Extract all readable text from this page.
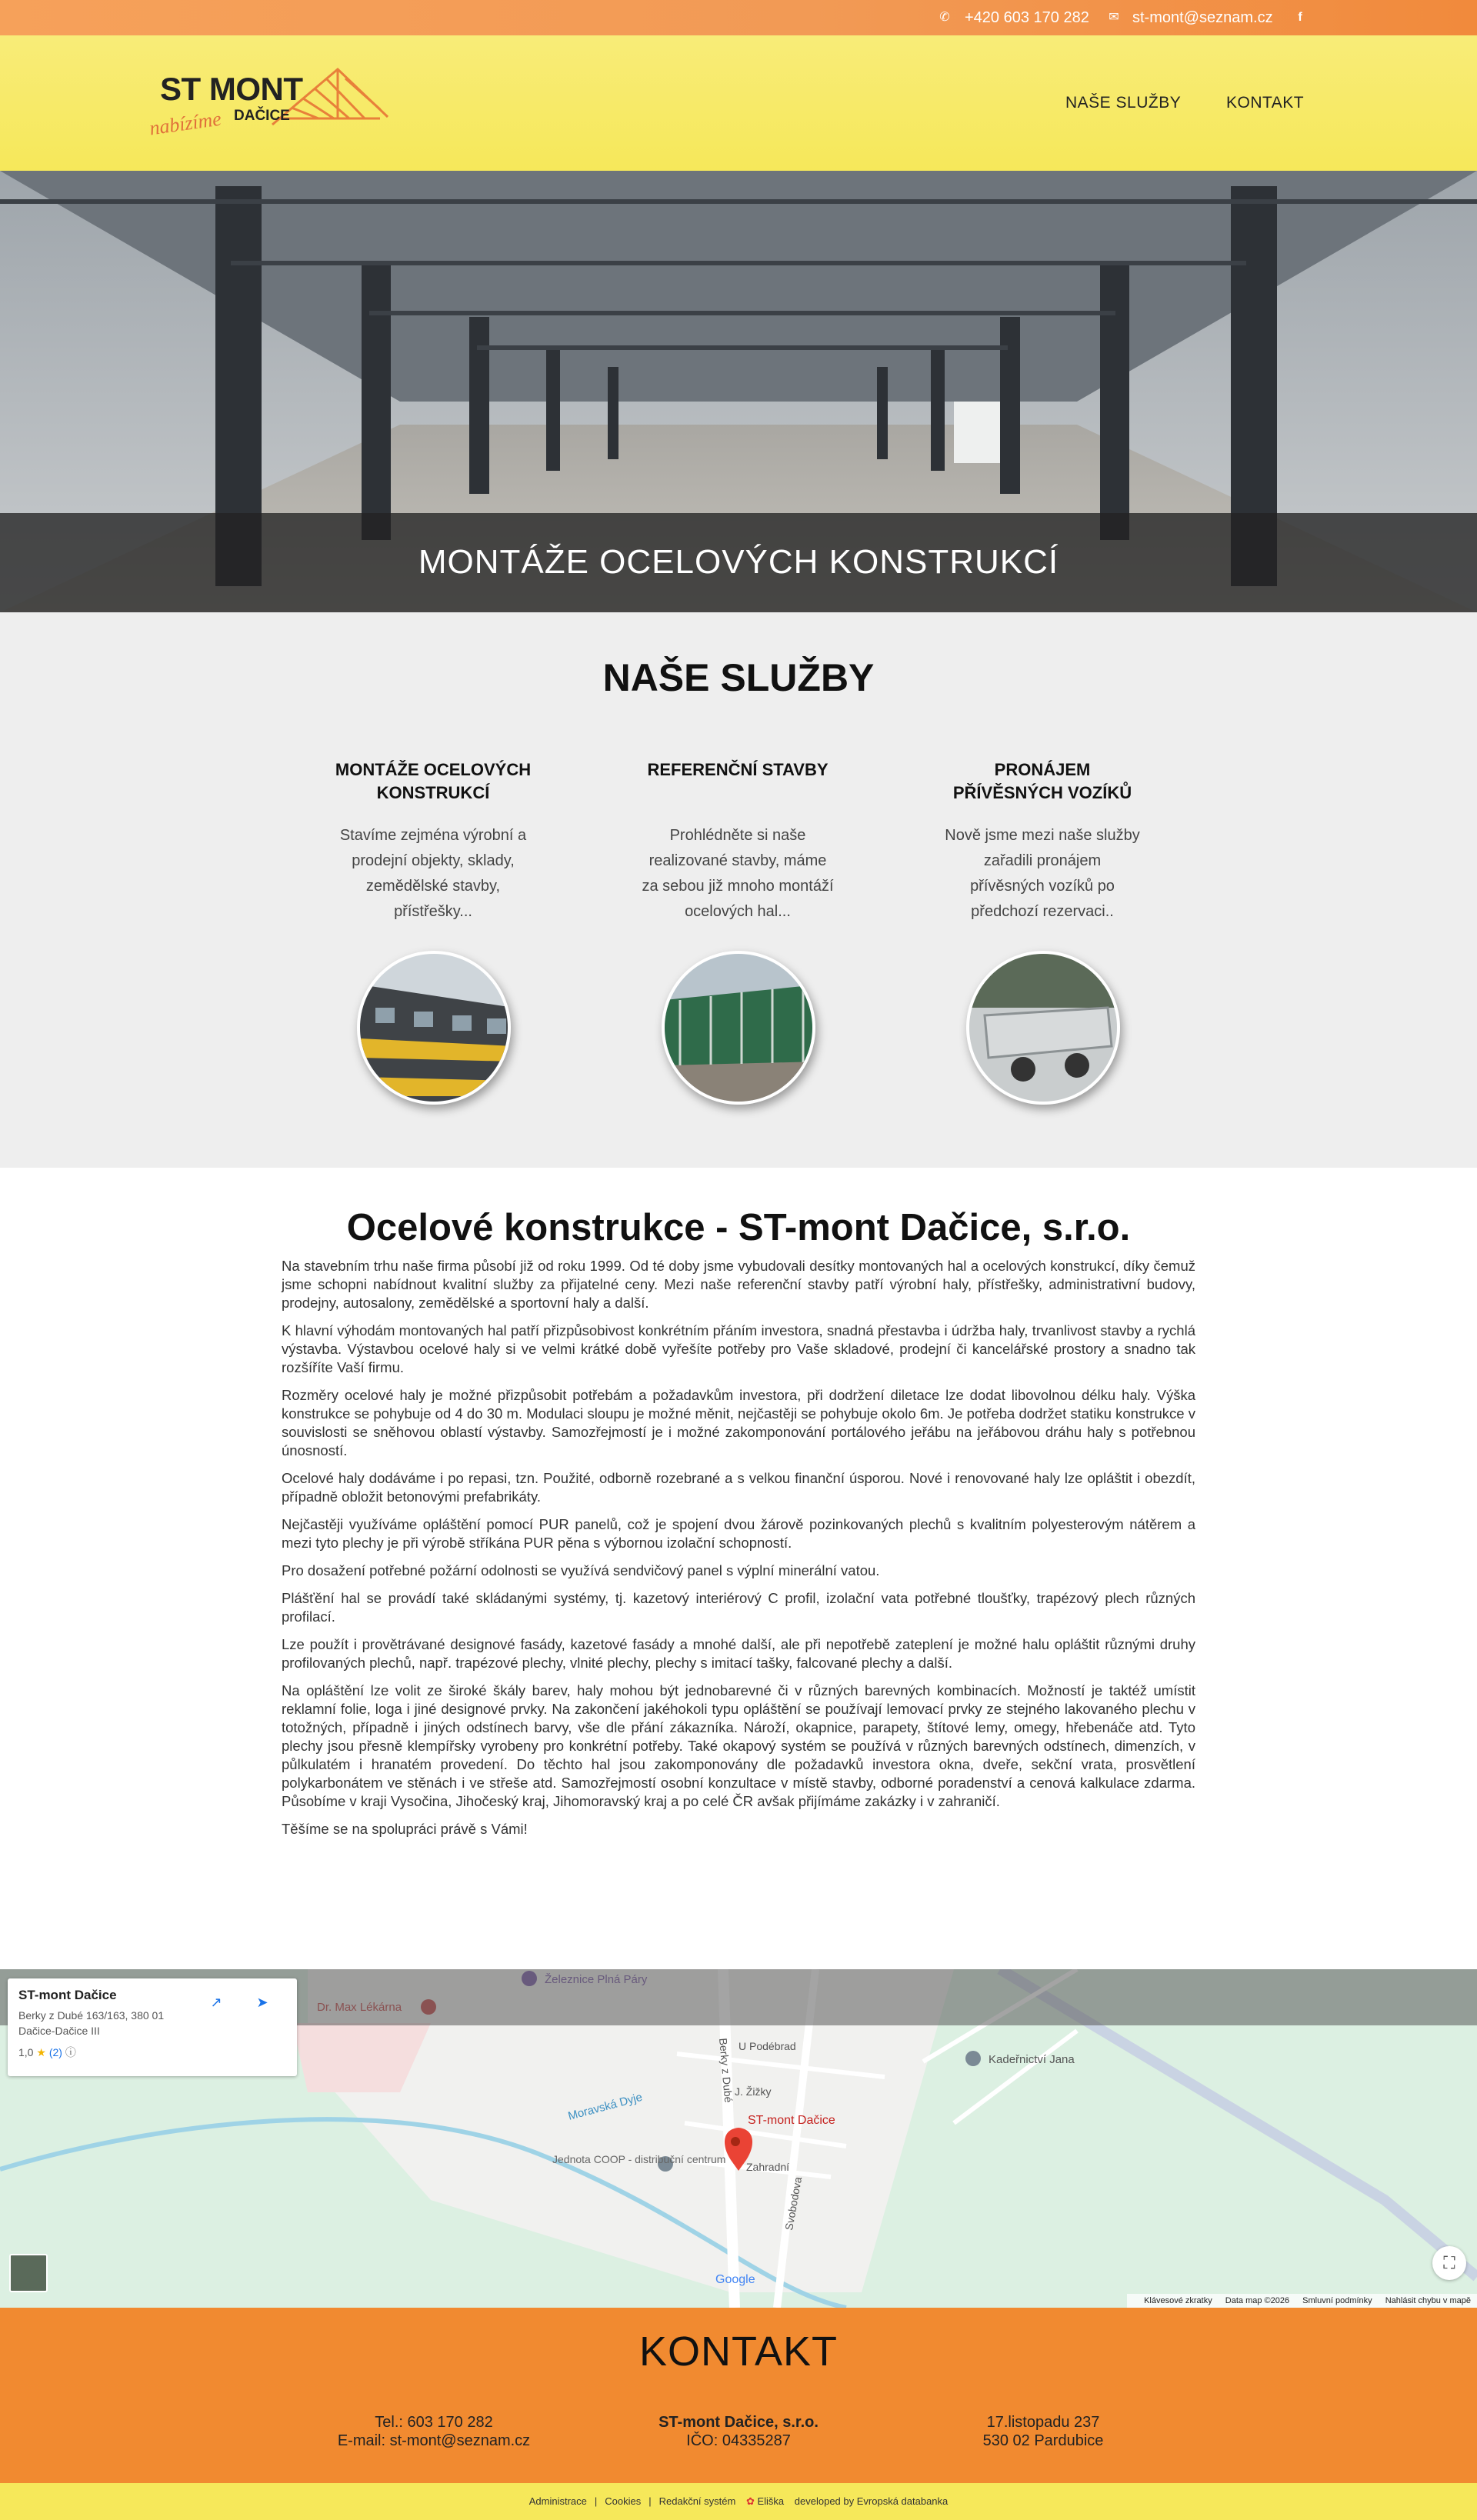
✆ +420 603 170 282 ✉ st-mont@seznam.cz	f
ST MONT
DAČICE
nabízíme
NAŠE SLUŽBY	KONTAKT
MONTÁŽE OCELOVÝCH KONSTRUKCÍ
NAŠE SLUŽBY
MONTÁŽE OCELOVÝCH KONSTRUKCÍ
Stavíme zejména výrobní a prodejní objekty, sklady, zemědělské stavby, přístřešky...
REFERENČNÍ STAVBY
Prohlédněte si naše realizované stavby, máme za sebou již mnoho montáží ocelových hal...
PRONÁJEM PŘÍVĚSNÝCH VOZÍKŮ
Nově jsme mezi naše služby zařadili pronájem přívěsných vozíků po předchozí rezervaci..
Ocelové konstrukce - ST-mont Dačice, s.r.o.

Na stavebním trhu naše firma působí již od roku 1999. Od té doby jsme vybudovali desítky montovaných hal a ocelových konstrukcí, díky čemuž jsme schopni nabídnout kvalitní služby za přijatelné ceny. Mezi naše referenční stavby patří výrobní haly, přístřešky, administrativní budovy, prodejny, autosalony, zemědělské a sportovní haly a další.

K hlavní výhodám montovaných hal patří přizpůsobivost konkrétním přáním investora, snadná přestavba i údržba haly, trvanlivost stavby a rychlá výstavba. Výstavbou ocelové haly si ve velmi krátké době vyřešíte potřeby pro Vaše skladové, prodejní či kancelářské prostory a snadno tak rozšíříte Vaší firmu.

Rozměry ocelové haly je možné přizpůsobit potřebám a požadavkům investora, při dodržení diletace lze dodat libovolnou délku haly. Výška konstrukce se pohybuje od 4 do 30 m. Modulaci sloupu je možné měnit, nejčastěji se pohybuje okolo 6m. Je potřeba dodržet statiku konstrukce v souvislosti se sněhovou oblastí výstavby. Samozřejmostí je i možné zakomponování portálového jeřábu na jeřábovou dráhu haly s potřebnou únosností.

Ocelové haly dodáváme i po repasi, tzn. Použité, odborně rozebrané a s velkou finanční úsporou. Nové i renovované haly lze opláštit i obezdít, případně obložit betonovými prefabrikáty.

Nejčastěji využíváme opláštění pomocí PUR panelů, což je spojení dvou žárově pozinkovaných plechů s kvalitním polyesterovým nátěrem a mezi tyto plechy je při výrobě stříkána PUR pěna s výbornou izolační schopností.

Pro dosažení potřebné požární odolnosti se využívá sendvičový panel s výplní minerální vatou.

Plášťění hal se provádí také skládanými systémy, tj. kazetový interiérový C profil, izolační vata potřebné tloušťky, trapézový plech různých profilací.

Lze použít i provětrávané designové fasády, kazetové fasády a mnohé další, ale při nepotřebě zateplení je možné halu opláštit různými druhy profilovaných plechů, např. trapézové plechy, vlnité plechy, plechy s imitací tašky, falcované plechy a další.

Na opláštění lze volit ze široké škály barev, haly mohou být jednobarevné či v různých barevných kombinacích. Možností je taktéž umístit reklamní folie, loga i jiné designové prvky. Na zakončení jakéhokoli typu opláštění se používají lemovací prvky ze stejného lakovaného plechu v totožných, případně i jiných odstínech barvy, vše dle přání zákazníka. Nároží, okapnice, parapety, štítové lemy, omegy, hřebenáče atd. Tyto plechy jsou přesně klempířsky vyrobeny pro konkrétní potřeby. Také okapový systém se používá v různých barevných odstínech, dimenzích, v půlkulatém i hranatém provedení. Do těchto hal jsou zakomponovány dle požadavků investora okna, dveře, sekční vrata, prosvětlení polykarbonátem ve stěnách i ve střeše atd. Samozřejmostí osobní konzultace v místě stavby, odborné poradenství a cenová kalkulace zdarma. Působíme v kraji Vysočina, Jihočeský kraj, Jihomoravský kraj a po celé ČR avšak přijímáme zakázky i v zahraničí.

Těšíme se na spolupráci právě s Vámi!

ST-mont Dačice
Kadeřnictví Jana
Jednota COOP - distribuční centrum
Moravská Dyje
Berky z Dubé
Svobodova
Zahradní
J. Žižky
U Podébrad
Google
ST-mont Dačice
Berky z Dubé 163/163, 380 01 Dačice-Dačice III
1,0 ★ (2) ⓘ
↗	➤
⛶
Klávesové zkratky Data map ©2026 Smluvní podmínky Nahlásit chybu v mapě
KONTAKT
Tel.: 603 170 282
E-mail: st-mont@seznam.cz
ST-mont Dačice, s.r.o.
IČO: 04335287
17.listopadu 237
530 02 Pardubice
Administrace | Cookies | Redakční systém ✿ Eliška developed by Evropská databanka
